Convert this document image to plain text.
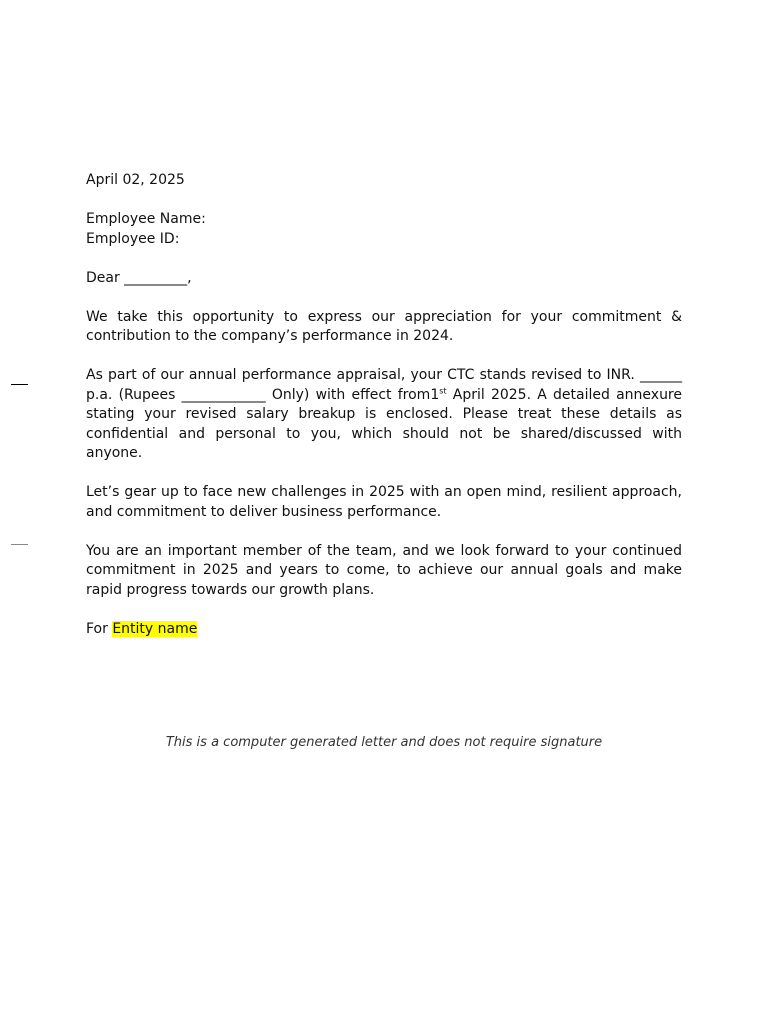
April 02, 2025

Employee Name:
Employee ID:

Dear _________,

We take this opportunity to express our appreciation for your commitment & contribution to the company’s performance in 2024.

As part of our annual performance appraisal, your CTC stands revised to INR. ______ p.a. (Rupees ____________ Only) with effect from1st April 2025. A detailed annexure stating your revised salary breakup is enclosed. Please treat these details as confidential and personal to you, which should not be shared/discussed with anyone.

Let’s gear up to face new challenges in 2025 with an open mind, resilient approach, and commitment to deliver business performance.

You are an important member of the team, and we look forward to your continued commitment in 2025 and years to come, to achieve our annual goals and make rapid progress towards our growth plans.

For Entity name

This is a computer generated letter and does not require signature
